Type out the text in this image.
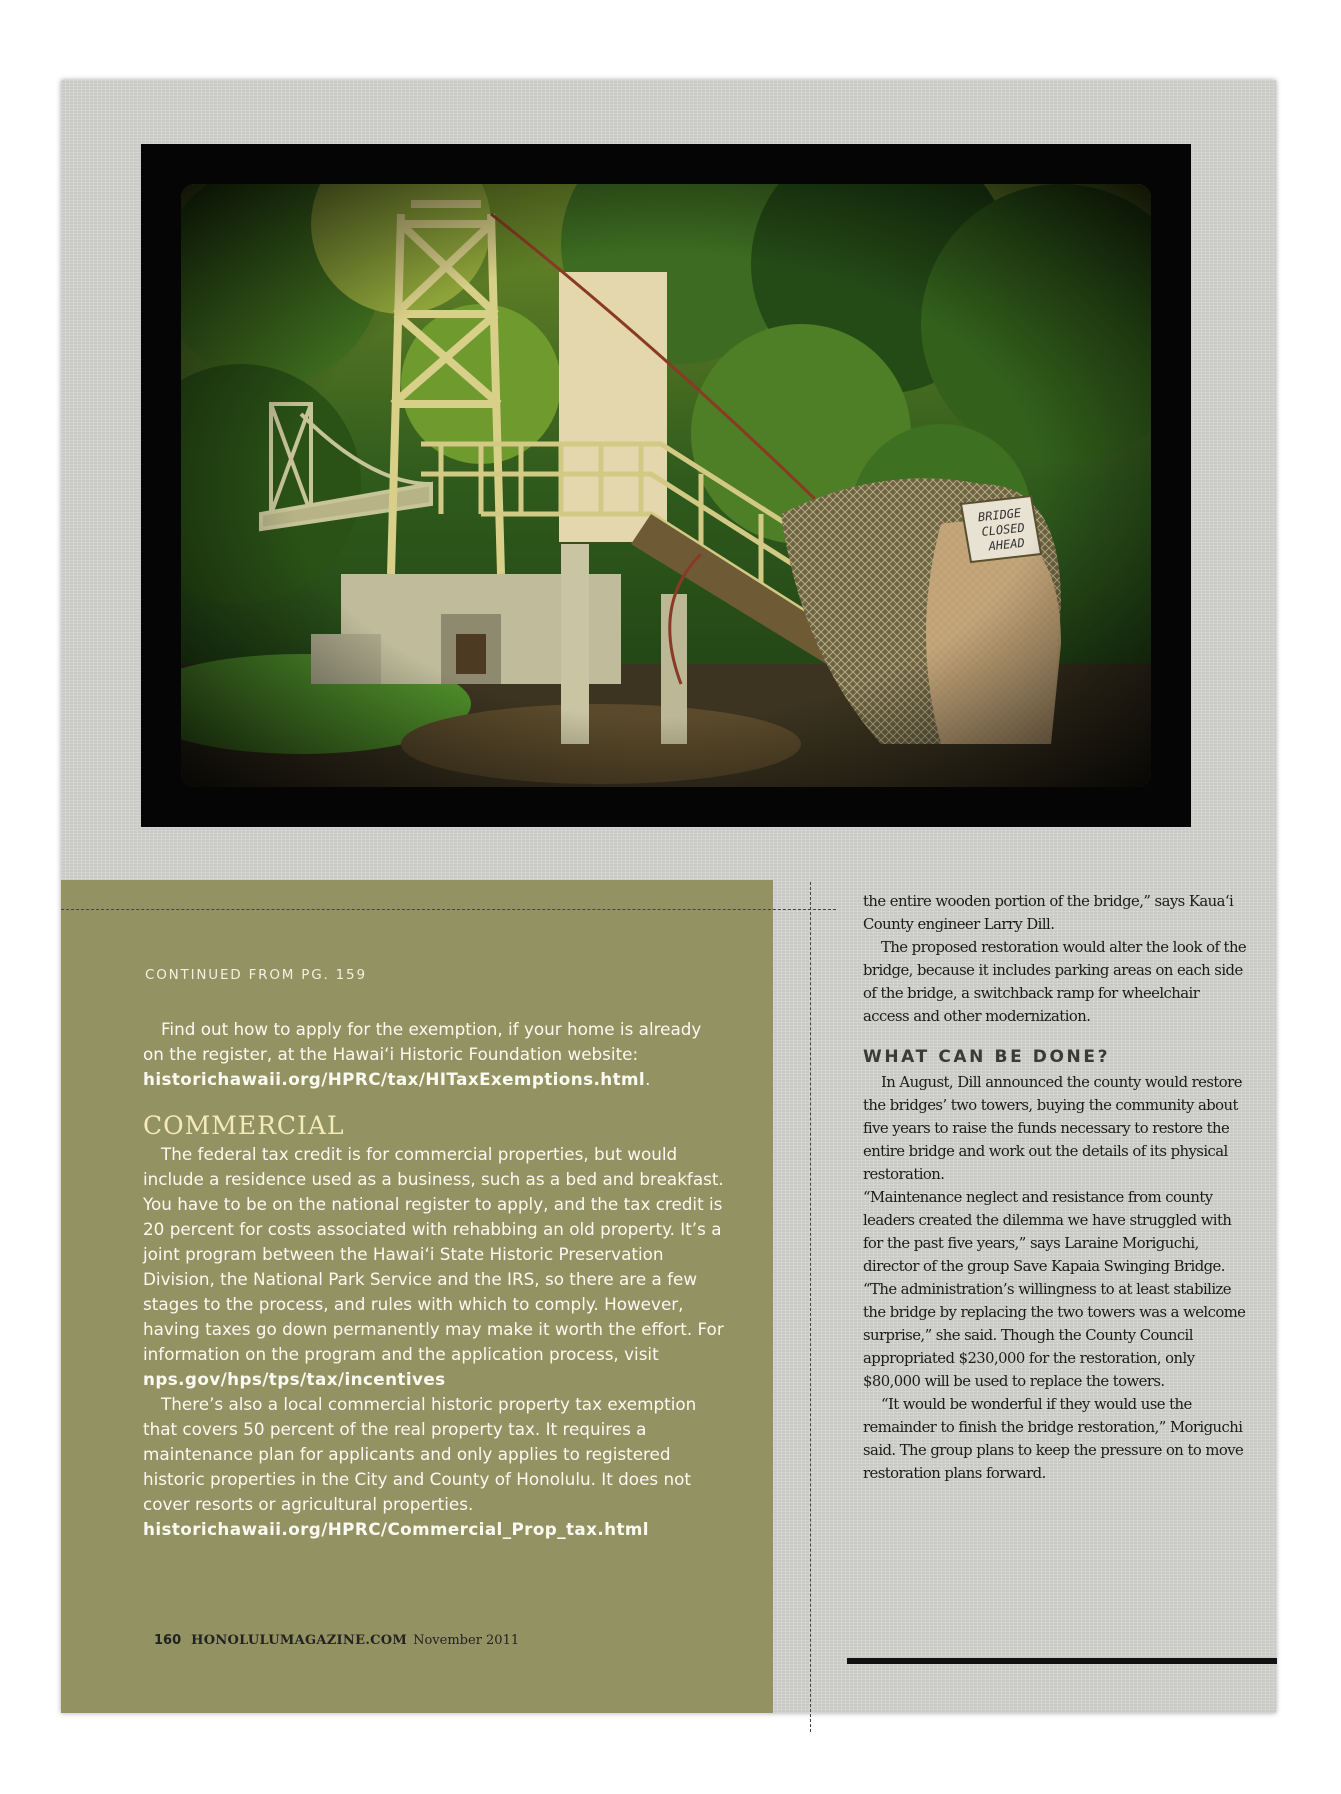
CONTINUED FROM PG. 159

Find out how to apply for the exemption, if your home is already on the register, at the Hawai‘i Historic Foundation website: historichawaii.org/HPRC/tax/HITaxExemptions.html.

COMMERCIAL

The federal tax credit is for commercial properties, but would include a residence used as a business, such as a bed and breakfast. You have to be on the national register to apply, and the tax credit is 20 percent for costs associated with rehabbing an old property. It’s a joint program between the Hawai‘i State Historic Preservation Division, the National Park Service and the IRS, so there are a few stages to the process, and rules with which to comply. However, having taxes go down permanently may make it worth the effort. For information on the program and the application process, visit nps.gov/hps/tps/tax/incentives

There’s also a local commercial historic property tax exemption that covers 50 percent of the real property tax. It requires a maintenance plan for applicants and only applies to registered historic properties in the City and County of Honolulu. It does not cover resorts or agricultural properties. historichawaii.org/HPRC/Commercial_Prop_tax.html

160 HONOLULUMAGAZINE.COM November 2011

the entire wooden portion of the bridge,” says Kaua‘i County engineer Larry Dill.

The proposed restoration would alter the look of the bridge, because it includes parking areas on each side of the bridge, a switchback ramp for wheelchair access and other modernization.

WHAT CAN BE DONE?

In August, Dill announced the county would restore the bridges’ two towers, buying the community about five years to raise the funds necessary to restore the entire bridge and work out the details of its physical restoration.

“Maintenance neglect and resistance from county leaders created the dilemma we have struggled with for the past five years,” says Laraine Moriguchi, director of the group Save Kapaia Swinging Bridge. “The administration’s willingness to at least stabilize the bridge by replacing the two towers was a welcome surprise,” she said. Though the County Council appropriated $230,000 for the restoration, only $80,000 will be used to replace the towers.

“It would be wonderful if they would use the remainder to finish the bridge restoration,” Moriguchi said. The group plans to keep the pressure on to move restoration plans forward.
